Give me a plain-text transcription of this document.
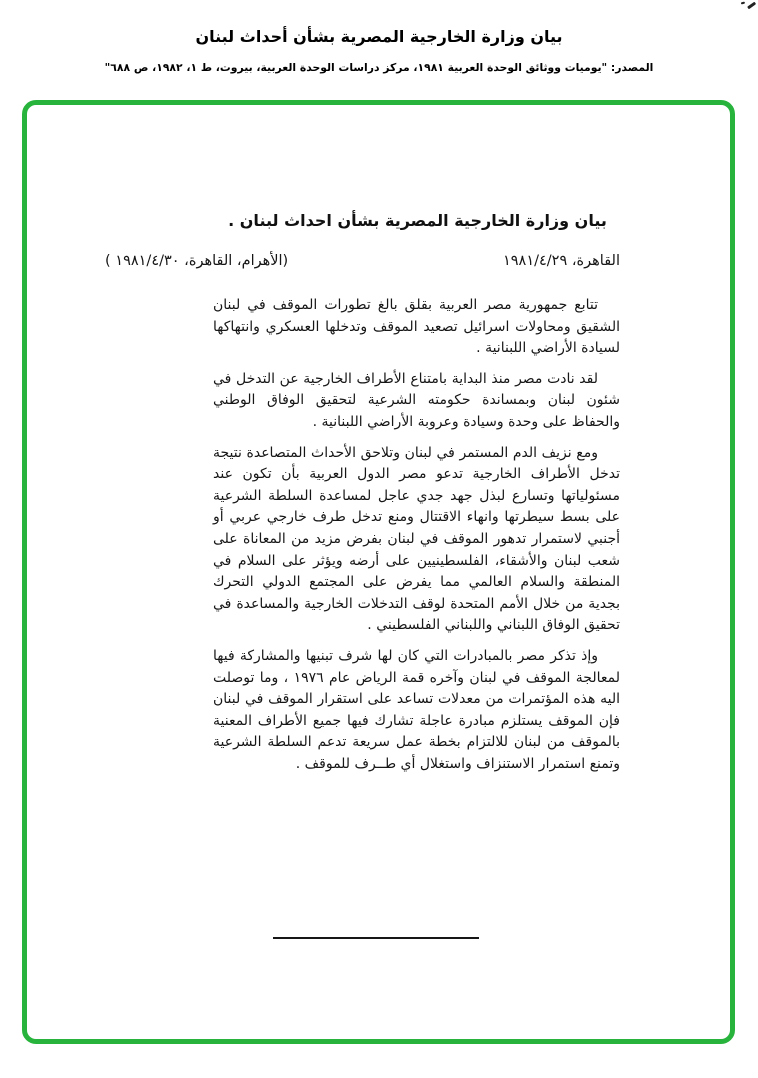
بيان وزارة الخارجية المصرية بشأن أحداث لبنان
المصدر: "يوميات ووثائق الوحدة العربية ١٩٨١، مركز دراسات الوحدة العربية، بيروت، ط ١، ١٩٨٢، ص ٦٨٨"
بيان وزارة الخارجية المصرية بشأن احداث لبنان .
القاهرة، ١٩٨١/٤/٢٩
(الأهرام، القاهرة، ١٩٨١/٤/٣٠ )

تتابع جمهورية مصر العربية بقلق بالغ تطورات الموقف في لبنان الشقيق ومحاولات اسرائيل تصعيد الموقف وتدخلها العسكري وانتهاكها لسيادة الأراضي اللبنانية .

لقد نادت مصر منذ البداية بامتناع الأطراف الخارجية عن التدخل في شئون لبنان وبمساندة حكومته الشرعية لتحقيق الوفاق الوطني والحفاظ على وحدة وسيادة وعروبة الأراضي اللبنانية .

ومع نزيف الدم المستمر في لبنان وتلاحق الأحداث المتصاعدة نتيجة تدخل الأطراف الخارجية تدعو مصر الدول العربية بأن تكون عند مسئولياتها وتسارع لبذل جهد جدي عاجل لمساعدة السلطة الشرعية على بسط سيطرتها وانهاء الاقتتال ومنع تدخل طرف خارجي عربي أو أجنبي لاستمرار تدهور الموقف في لبنان بفرض مزيد من المعاناة على شعب لبنان والأشقاء، الفلسطينيين على أرضه ويؤثر على السلام في المنطقة والسلام العالمي مما يفرض على المجتمع الدولي التحرك بجدية من خلال الأمم المتحدة لوقف التدخلات الخارجية والمساعدة في تحقيق الوفاق اللبناني واللبناني الفلسطيني .

وإذ تذكر مصر بالمبادرات التي كان لها شرف تبنيها والمشاركة فيها لمعالجة الموقف في لبنان وآخره قمة الرياض عام ١٩٧٦ ، وما توصلت اليه هذه المؤتمرات من معدلات تساعد على استقرار الموقف في لبنان فإن الموقف يستلزم مبادرة عاجلة تشارك فيها جميع الأطراف المعنية بالموقف من لبنان للالتزام بخطة عمل سريعة تدعم السلطة الشرعية وتمنع استمرار الاستنزاف واستغلال أي طــرف للموقف .
